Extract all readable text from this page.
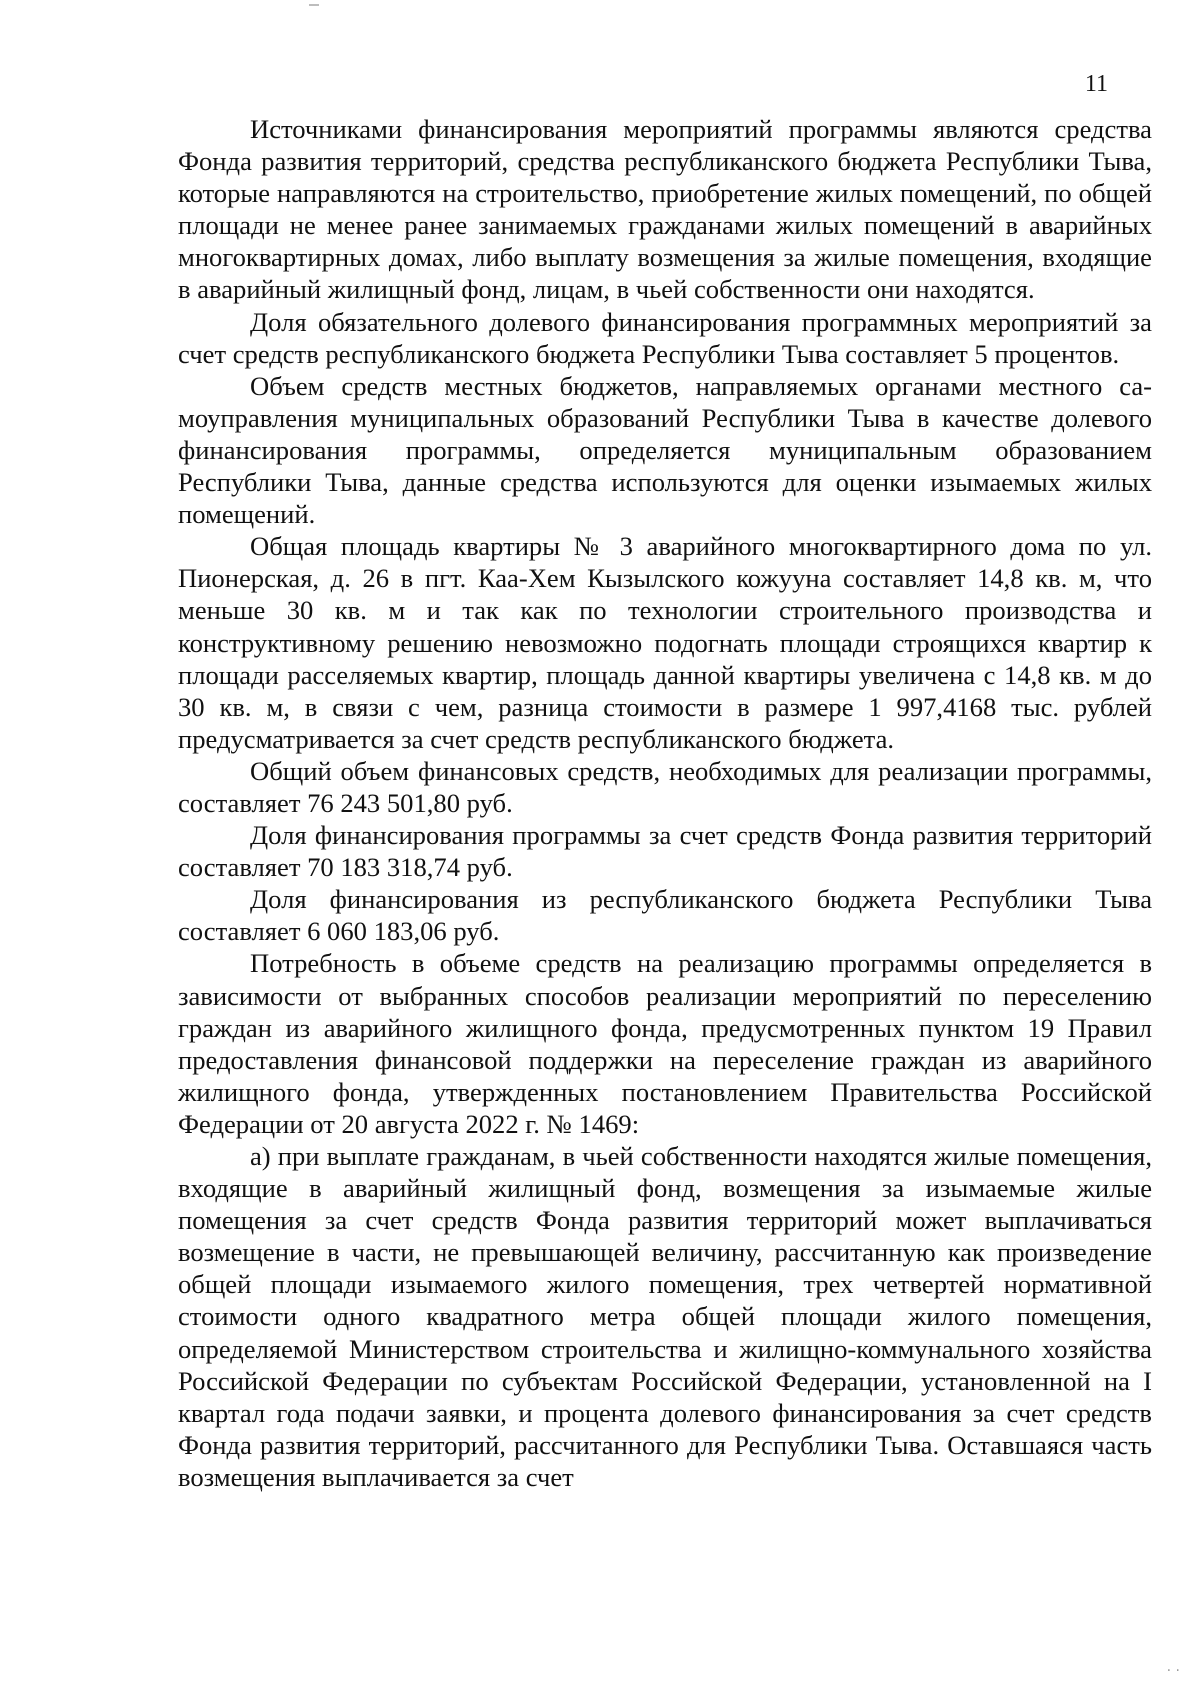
11

Источниками финансирования мероприятий программы являются средства Фонда развития территорий, средства республиканского бюджета Республики Тыва, которые направляются на строительство, приобретение жилых помещений, по общей площади не менее ранее занимаемых гражданами жилых помещений в аварийных многоквартирных домах, либо выплату возмещения за жилые помещения, входящие в аварийный жилищный фонд, лицам, в чьей собственности они находятся.

Доля обязательного долевого финансирования программных мероприятий за счет средств республиканского бюджета Республики Тыва составляет 5 процентов.

Объем средств местных бюджетов, направляемых органами местного самоуправления муниципальных образований Республики Тыва в качестве долевого финансирования программы, определяется муниципальным образованием Республики Тыва, данные средства используются для оценки изымаемых жилых помещений.

Общая площадь квартиры № 3 аварийного многоквартирного дома по ул. Пионерская, д. 26 в пгт. Каа-Хем Кызылского кожууна составляет 14,8 кв. м, что меньше 30 кв. м и так как по технологии строительного производства и конструктивному решению невозможно подогнать площади строящихся квартир к площади расселяемых квартир, площадь данной квартиры увеличена с 14,8 кв. м до 30 кв. м, в связи с чем, разница стоимости в размере 1 997,4168 тыс. рублей предусматривается за счет средств республиканского бюджета.

Общий объем финансовых средств, необходимых для реализации программы, составляет 76 243 501,80 руб.

Доля финансирования программы за счет средств Фонда развития территорий составляет 70 183 318,74 руб.

Доля финансирования из республиканского бюджета Республики Тыва составляет 6 060 183,06 руб.

Потребность в объеме средств на реализацию программы определяется в зависимости от выбранных способов реализации мероприятий по переселению граждан из аварийного жилищного фонда, предусмотренных пунктом 19 Правил предоставления финансовой поддержки на переселение граждан из аварийного жилищного фонда, утвержденных постановлением Правительства Российской Федерации от 20 августа 2022 г. № 1469:

а) при выплате гражданам, в чьей собственности находятся жилые помещения, входящие в аварийный жилищный фонд, возмещения за изымаемые жилые помещения за счет средств Фонда развития территорий может выплачиваться возмещение в части, не превышающей величину, рассчитанную как произведение общей площади изымаемого жилого помещения, трех четвертей нормативной стоимости одного квадратного метра общей площади жилого помещения, определяемой Министерством строительства и жилищно-коммунального хозяйства Российской Федерации по субъектам Российской Федерации, установленной на I квартал года подачи заявки, и процента долевого финансирования за счет средств Фонда развития территорий, рассчитанного для Республики Тыва. Оставшаяся часть возмещения выплачивается за счет

· ·
